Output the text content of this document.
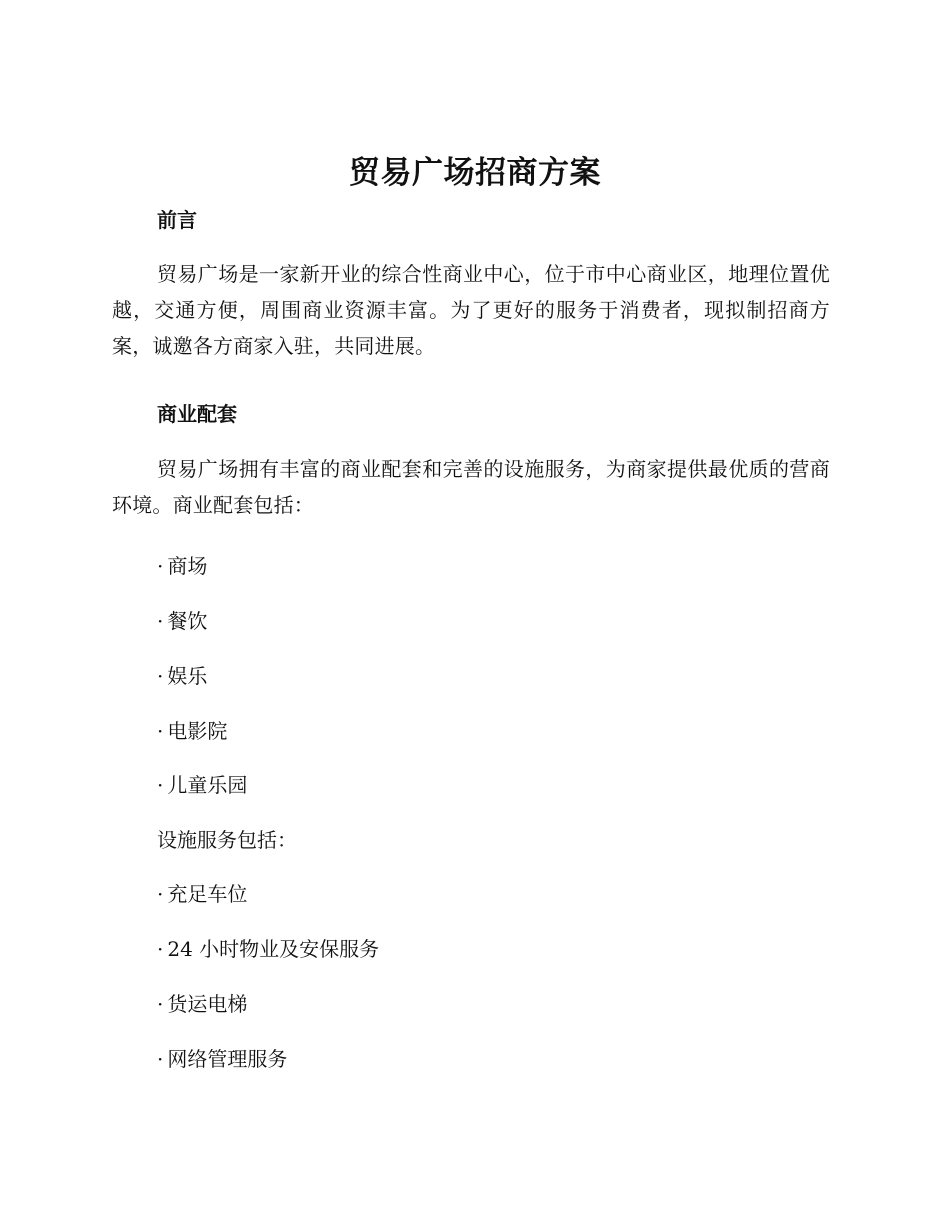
贸易广场招商方案
前言
贸易广场是一家新开业的综合性商业中心，位于市中心商业区，地理位置优越，交通方便，周围商业资源丰富。为了更好的服务于消费者，现拟制招商方案，诚邀各方商家入驻，共同进展。
商业配套
贸易广场拥有丰富的商业配套和完善的设施服务，为商家提供最优质的营商环境。商业配套包括：
· 商场
· 餐饮
· 娱乐
· 电影院
· 儿童乐园
设施服务包括：
· 充足车位
· 24 小时物业及安保服务
· 货运电梯
· 网络管理服务
